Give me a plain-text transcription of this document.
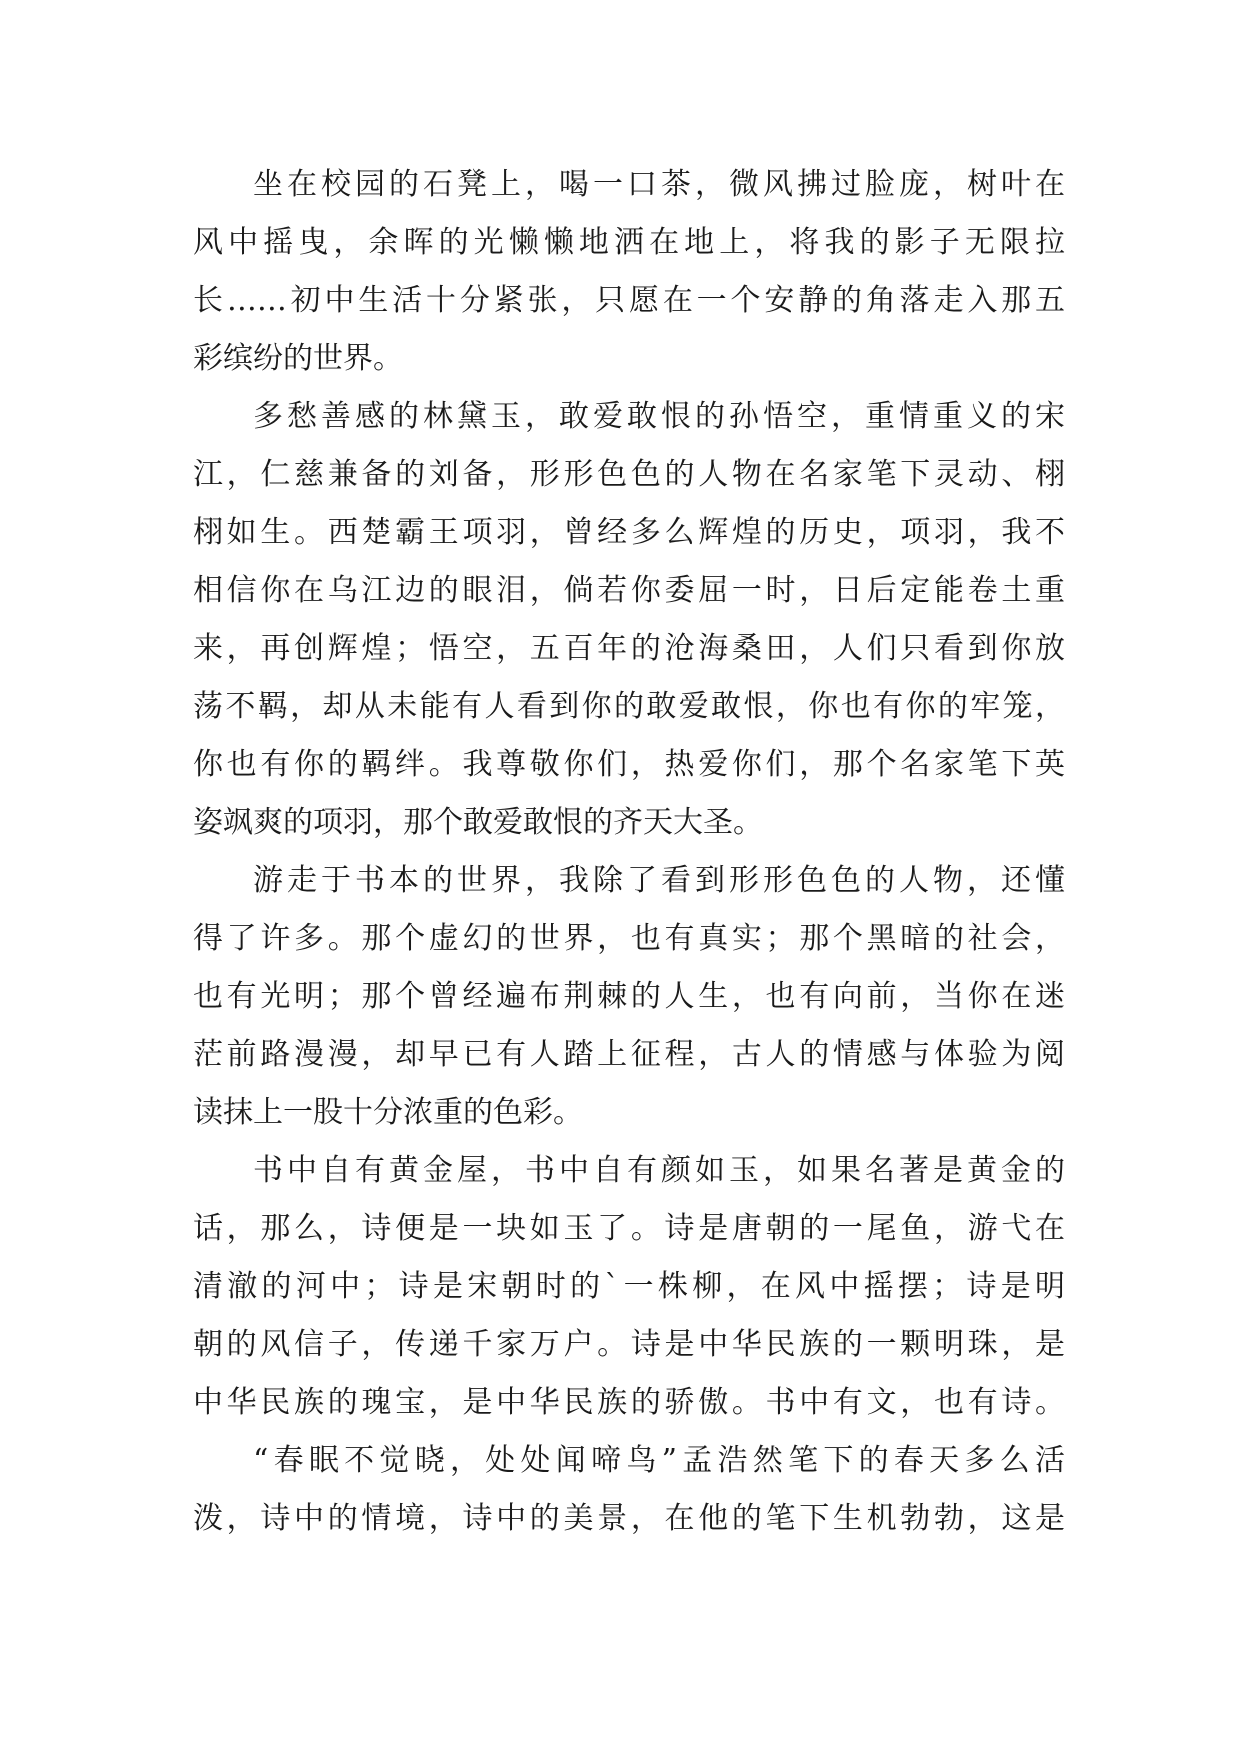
坐在校园的石凳上，喝一口茶，微风拂过脸庞，树叶在
风中摇曳，余晖的光懒懒地洒在地上，将我的影子无限拉
长……初中生活十分紧张，只愿在一个安静的角落走入那五
彩缤纷的世界。
多愁善感的林黛玉，敢爱敢恨的孙悟空，重情重义的宋
江，仁慈兼备的刘备，形形色色的人物在名家笔下灵动、栩
栩如生。西楚霸王项羽，曾经多么辉煌的历史，项羽，我不
相信你在乌江边的眼泪，倘若你委屈一时，日后定能卷土重
来，再创辉煌；悟空，五百年的沧海桑田，人们只看到你放
荡不羁，却从未能有人看到你的敢爱敢恨，你也有你的牢笼，
你也有你的羁绊。我尊敬你们，热爱你们，那个名家笔下英
姿飒爽的项羽，那个敢爱敢恨的齐天大圣。
游走于书本的世界，我除了看到形形色色的人物，还懂
得了许多。那个虚幻的世界，也有真实；那个黑暗的社会，
也有光明；那个曾经遍布荆棘的人生，也有向前，当你在迷
茫前路漫漫，却早已有人踏上征程，古人的情感与体验为阅
读抹上一股十分浓重的色彩。
书中自有黄金屋，书中自有颜如玉，如果名著是黄金的
话，那么，诗便是一块如玉了。诗是唐朝的一尾鱼，游弋在
清澈的河中；诗是宋朝时的`一株柳，在风中摇摆；诗是明
朝的风信子，传递千家万户。诗是中华民族的一颗明珠，是
中华民族的瑰宝，是中华民族的骄傲。书中有文，也有诗。
“春眠不觉晓，处处闻啼鸟”孟浩然笔下的春天多么活
泼，诗中的情境，诗中的美景，在他的笔下生机勃勃，这是
